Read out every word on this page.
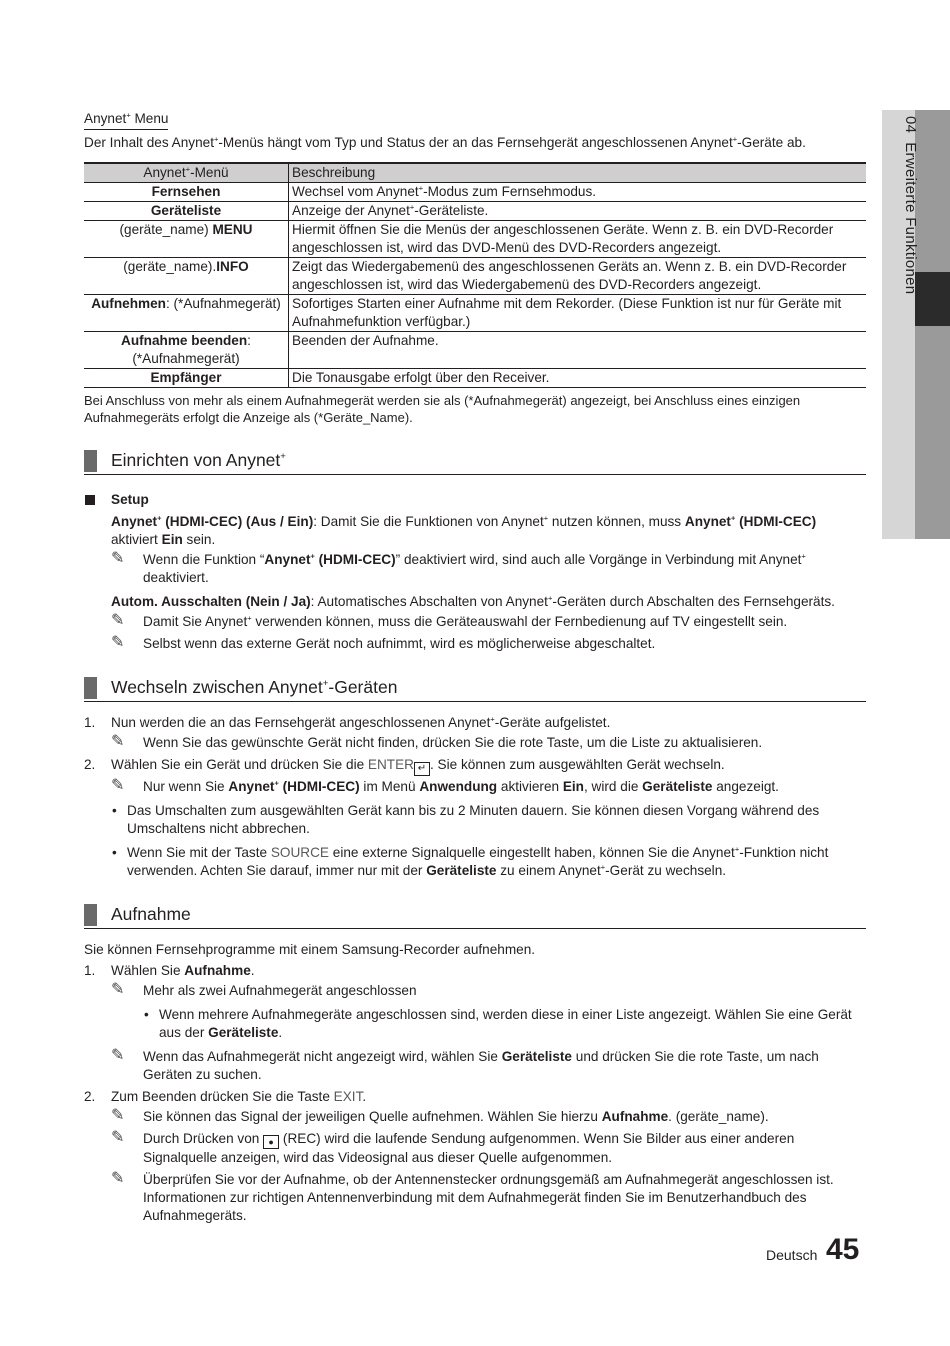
04  Erweiterte Funktionen
Anynet+ Menu

Der Inhalt des Anynet+-Menüs hängt vom Typ und Status der an das Fernsehgerät angeschlossenen Anynet+-Geräte ab.

Anynet+-Menü	Beschreibung
Fernsehen	Wechsel vom Anynet+-Modus zum Fernsehmodus.
Geräteliste	Anzeige der Anynet+-Geräteliste.
(geräte_name) MENU	Hiermit öffnen Sie die Menüs der angeschlossenen Geräte. Wenn z. B. ein DVD-Recorder angeschlossen ist, wird das DVD-Menü des DVD-Recorders angezeigt.
(geräte_name).INFO	Zeigt das Wiedergabemenü des angeschlossenen Geräts an. Wenn z. B. ein DVD-Recorder angeschlossen ist, wird das Wiedergabemenü des DVD-Recorders angezeigt.
Aufnehmen: (*Aufnahmegerät)	Sofortiges Starten einer Aufnahme mit dem Rekorder. (Diese Funktion ist nur für Geräte mit Aufnahmefunktion verfügbar.)
Aufnahme beenden: (*Aufnahmegerät)	Beenden der Aufnahme.
Empfänger	Die Tonausgabe erfolgt über den Receiver.

Bei Anschluss von mehr als einem Aufnahmegerät werden sie als (*Aufnahmegerät) angezeigt, bei Anschluss eines einzigen Aufnahmegeräts erfolgt die Anzeige als (*Geräte_Name).

Einrichten von Anynet+
Setup

Anynet+ (HDMI-CEC) (Aus / Ein): Damit Sie die Funktionen von Anynet+ nutzen können, muss Anynet+ (HDMI-CEC) aktiviert Ein sein.

✎ Wenn die Funktion “Anynet+ (HDMI-CEC)” deaktiviert wird, sind auch alle Vorgänge in Verbindung mit Anynet+ deaktiviert.

Autom. Ausschalten (Nein / Ja): Automatisches Abschalten von Anynet+-Geräten durch Abschalten des Fernsehgeräts.

✎ Damit Sie Anynet+ verwenden können, muss die Geräteauswahl der Fernbedienung auf TV eingestellt sein.
✎ Selbst wenn das externe Gerät noch aufnimmt, wird es möglicherweise abgeschaltet.
Wechseln zwischen Anynet+-Geräten
1. Nun werden die an das Fernsehgerät angeschlossenen Anynet+-Geräte aufgelistet.
✎ Wenn Sie das gewünschte Gerät nicht finden, drücken Sie die rote Taste, um die Liste zu aktualisieren.
2. Wählen Sie ein Gerät und drücken Sie die ENTER ↵ . Sie können zum ausgewählten Gerät wechseln.
✎ Nur wenn Sie Anynet+ (HDMI-CEC) im Menü Anwendung aktivieren Ein, wird die Geräteliste angezeigt.
• Das Umschalten zum ausgewählten Gerät kann bis zu 2 Minuten dauern. Sie können diesen Vorgang während des Umschaltens nicht abbrechen.
• Wenn Sie mit der Taste SOURCE eine externe Signalquelle eingestellt haben, können Sie die Anynet+-Funktion nicht verwenden. Achten Sie darauf, immer nur mit der Geräteliste zu einem Anynet+-Gerät zu wechseln.
Aufnahme

Sie können Fernsehprogramme mit einem Samsung-Recorder aufnehmen.

1. Wählen Sie Aufnahme.
✎ Mehr als zwei Aufnahmegerät angeschlossen
• Wenn mehrere Aufnahmegeräte angeschlossen sind, werden diese in einer Liste angezeigt. Wählen Sie eine Gerät aus der Geräteliste.
✎ Wenn das Aufnahmegerät nicht angezeigt wird, wählen Sie Geräteliste und drücken Sie die rote Taste, um nach Geräten zu suchen.
2. Zum Beenden drücken Sie die Taste EXIT.
✎ Sie können das Signal der jeweiligen Quelle aufnehmen. Wählen Sie hierzu Aufnahme. (geräte_name).
✎ Durch Drücken von ● (REC) wird die laufende Sendung aufgenommen. Wenn Sie Bilder aus einer anderen Signalquelle anzeigen, wird das Videosignal aus dieser Quelle aufgenommen.
✎ Überprüfen Sie vor der Aufnahme, ob der Antennenstecker ordnungsgemäß am Aufnahmegerät angeschlossen ist. Informationen zur richtigen Antennenverbindung mit dem Aufnahmegerät finden Sie im Benutzerhandbuch des Aufnahmegeräts.
Deutsch 45
